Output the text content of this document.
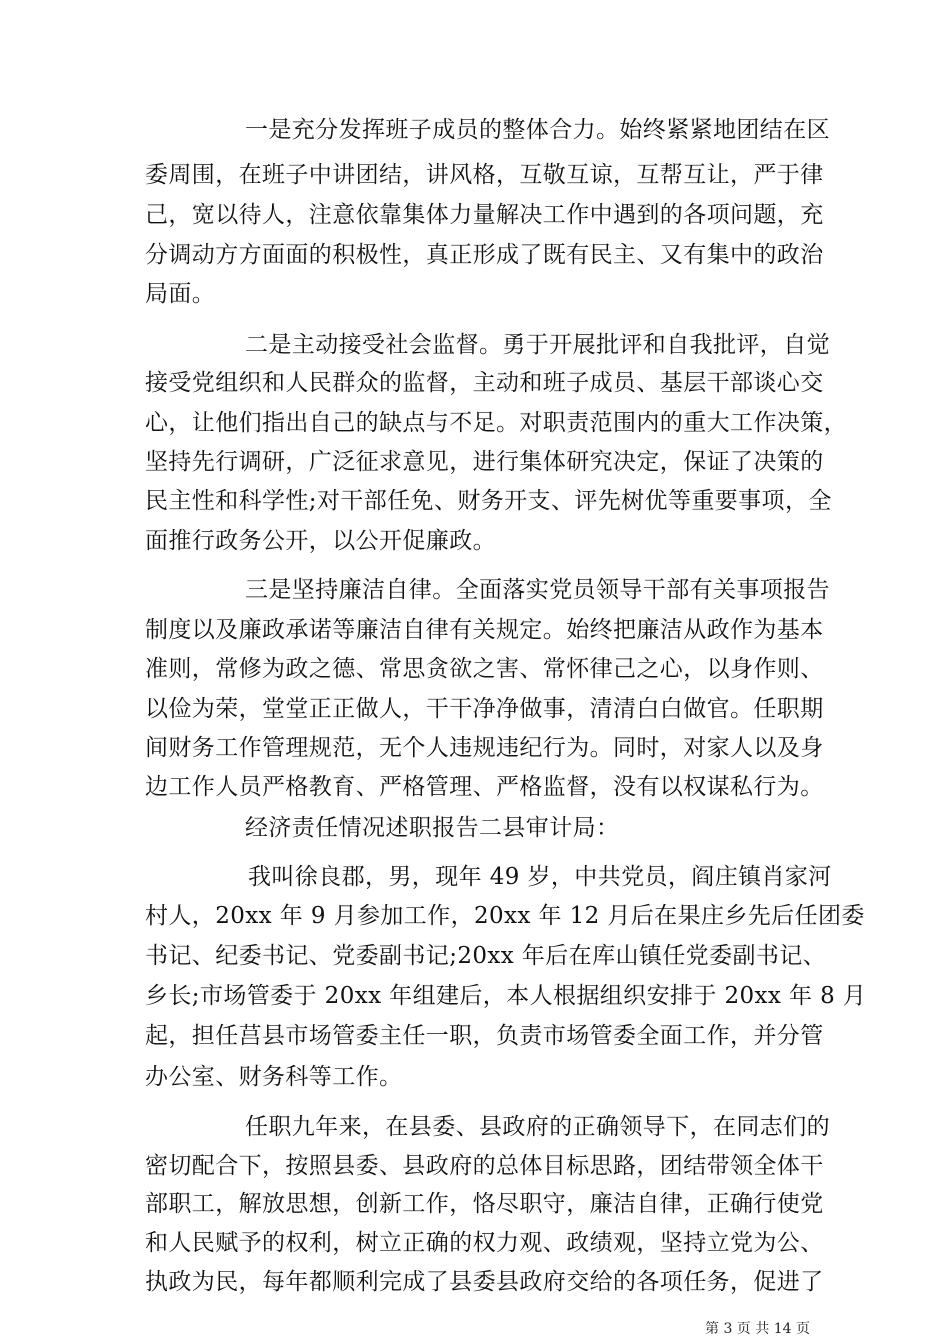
一是充分发挥班子成员的整体合力。始终紧紧地团结在区
委周围，在班子中讲团结，讲风格，互敬互谅，互帮互让，严于律
己，宽以待人，注意依靠集体力量解决工作中遇到的各项问题，充
分调动方方面面的积极性，真正形成了既有民主、又有集中的政治
局面。
二是主动接受社会监督。勇于开展批评和自我批评，自觉
接受党组织和人民群众的监督，主动和班子成员、基层干部谈心交
心，让他们指出自己的缺点与不足。对职责范围内的重大工作决策，
坚持先行调研，广泛征求意见，进行集体研究决定，保证了决策的
民主性和科学性;对干部任免、财务开支、评先树优等重要事项，全
面推行政务公开，以公开促廉政。
三是坚持廉洁自律。全面落实党员领导干部有关事项报告
制度以及廉政承诺等廉洁自律有关规定。始终把廉洁从政作为基本
准则，常修为政之德、常思贪欲之害、常怀律己之心，以身作则、
以俭为荣，堂堂正正做人，干干净净做事，清清白白做官。任职期
间财务工作管理规范，无个人违规违纪行为。同时，对家人以及身
边工作人员严格教育、严格管理、严格监督，没有以权谋私行为。
经济责任情况述职报告二县审计局：
我叫徐良郡，男，现年 49 岁，中共党员，阎庄镇肖家河
村人，20xx 年 9 月参加工作，20xx 年 12 月后在果庄乡先后任团委
书记、纪委书记、党委副书记;20xx 年后在库山镇任党委副书记、
乡长;市场管委于 20xx 年组建后，本人根据组织安排于 20xx 年 8 月
起，担任莒县市场管委主任一职，负责市场管委全面工作，并分管
办公室、财务科等工作。
任职九年来，在县委、县政府的正确领导下，在同志们的
密切配合下，按照县委、县政府的总体目标思路，团结带领全体干
部职工，解放思想，创新工作，恪尽职守，廉洁自律，正确行使党
和人民赋予的权利，树立正确的权力观、政绩观，坚持立党为公、
执政为民，每年都顺利完成了县委县政府交给的各项任务，促进了
第 3 页 共 14 页
